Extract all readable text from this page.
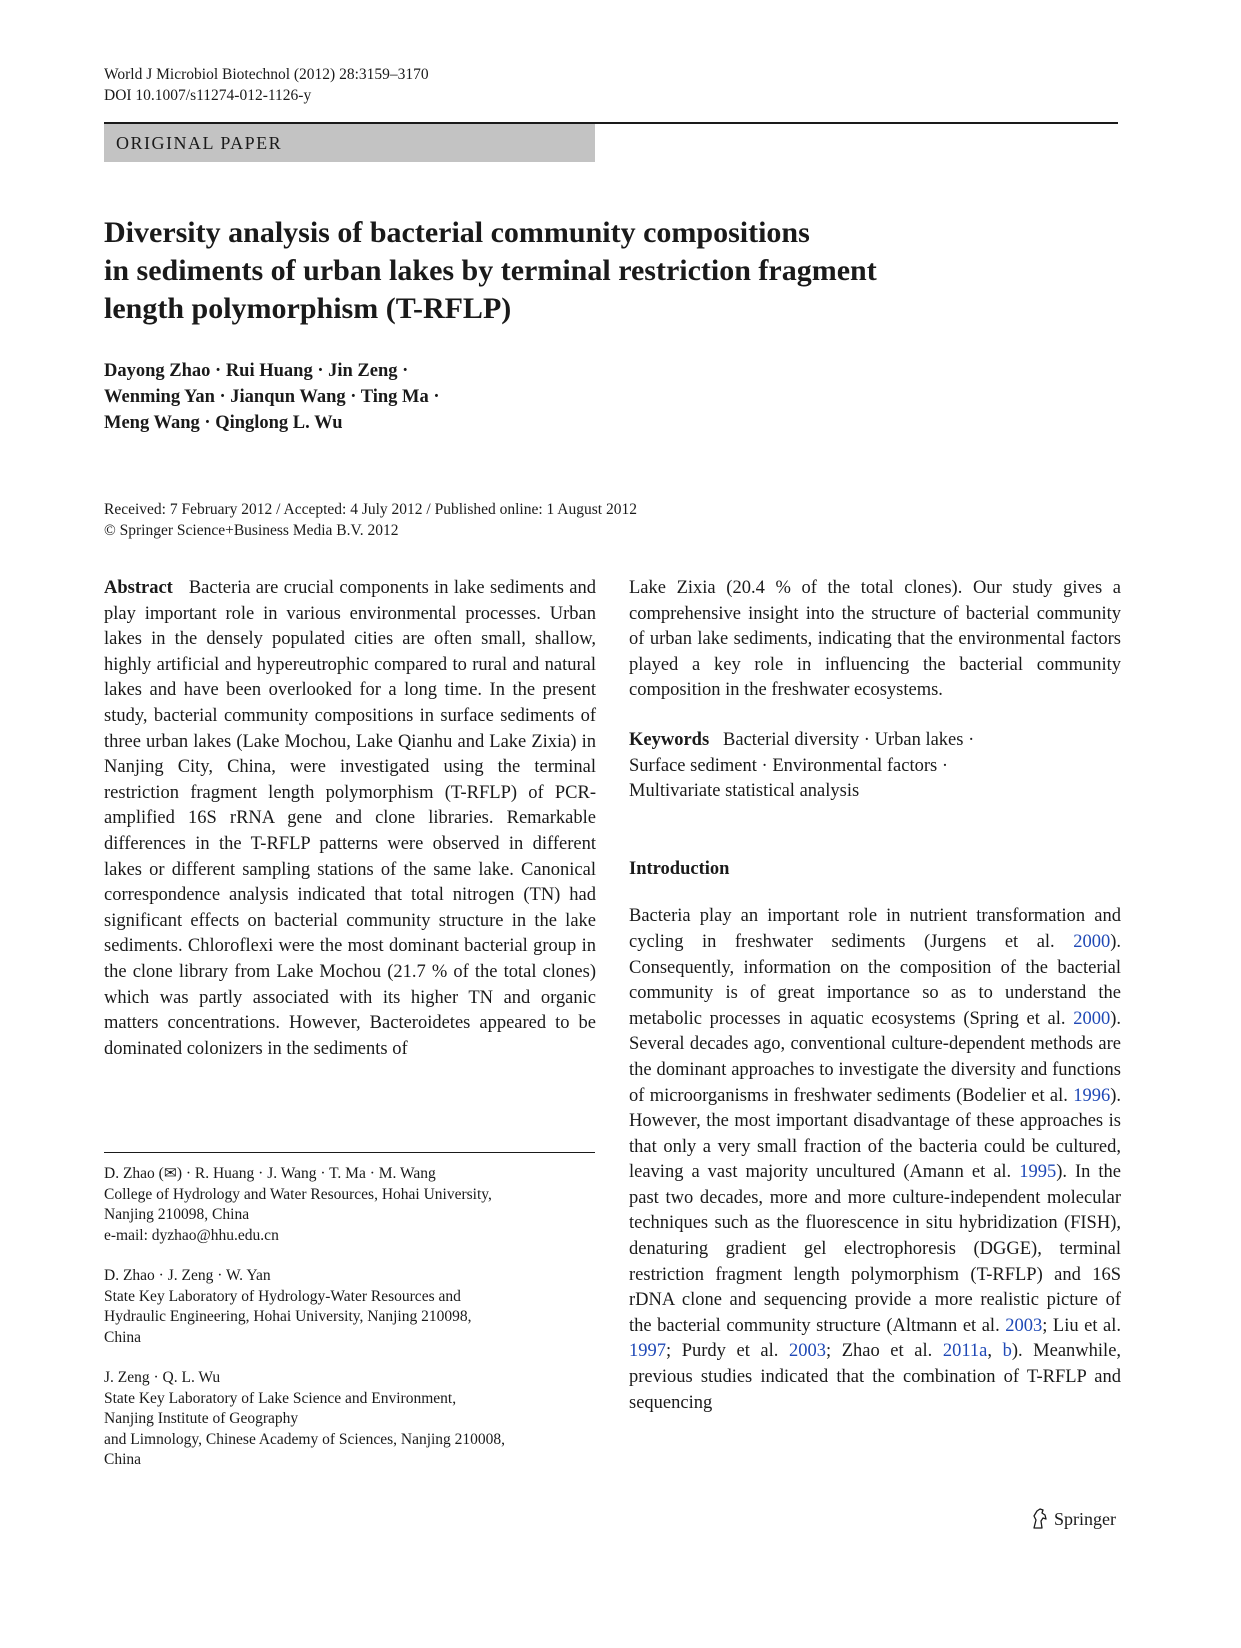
World J Microbiol Biotechnol (2012) 28:3159–3170
DOI 10.1007/s11274-012-1126-y
ORIGINAL PAPER
Diversity analysis of bacterial community compositions
in sediments of urban lakes by terminal restriction fragment
length polymorphism (T-RFLP)
Dayong Zhao · Rui Huang · Jin Zeng ·
Wenming Yan · Jianqun Wang · Ting Ma ·
Meng Wang · Qinglong L. Wu
Received: 7 February 2012 / Accepted: 4 July 2012 / Published online: 1 August 2012
© Springer Science+Business Media B.V. 2012

Abstract Bacteria are crucial components in lake sediments and play important role in various environmental processes. Urban lakes in the densely populated cities are often small, shallow, highly artificial and hypereutrophic compared to rural and natural lakes and have been overlooked for a long time. In the present study, bacterial community compositions in surface sediments of three urban lakes (Lake Mochou, Lake Qianhu and Lake Zixia) in Nanjing City, China, were investigated using the terminal restriction fragment length polymorphism (T-RFLP) of PCR-amplified 16S rRNA gene and clone libraries. Remarkable differences in the T-RFLP patterns were observed in different lakes or different sampling stations of the same lake. Canonical correspondence analysis indicated that total nitrogen (TN) had significant effects on bacterial community structure in the lake sediments. Chloroflexi were the most dominant bacterial group in the clone library from Lake Mochou (21.7 % of the total clones) which was partly associated with its higher TN and organic matters concentrations. However, Bacteroidetes appeared to be dominated colonizers in the sediments of

D. Zhao (✉) · R. Huang · J. Wang · T. Ma · M. Wang
College of Hydrology and Water Resources, Hohai University,
Nanjing 210098, China
e-mail: dyzhao@hhu.edu.cn
D. Zhao · J. Zeng · W. Yan
State Key Laboratory of Hydrology-Water Resources and
Hydraulic Engineering, Hohai University, Nanjing 210098,
China
J. Zeng · Q. L. Wu
State Key Laboratory of Lake Science and Environment,
Nanjing Institute of Geography
and Limnology, Chinese Academy of Sciences, Nanjing 210008,
China

Lake Zixia (20.4 % of the total clones). Our study gives a comprehensive insight into the structure of bacterial community of urban lake sediments, indicating that the environmental factors played a key role in influencing the bacterial community composition in the freshwater ecosystems.

Keywords Bacterial diversity · Urban lakes ·
Surface sediment · Environmental factors ·
Multivariate statistical analysis

Introduction

Bacteria play an important role in nutrient transformation and cycling in freshwater sediments (Jurgens et al. 2000). Consequently, information on the composition of the bacterial community is of great importance so as to understand the metabolic processes in aquatic ecosystems (Spring et al. 2000). Several decades ago, conventional culture-dependent methods are the dominant approaches to investigate the diversity and functions of microorganisms in freshwater sediments (Bodelier et al. 1996). However, the most important disadvantage of these approaches is that only a very small fraction of the bacteria could be cultured, leaving a vast majority uncultured (Amann et al. 1995). In the past two decades, more and more culture-independent molecular techniques such as the fluorescence in situ hybridization (FISH), denaturing gradient gel electrophoresis (DGGE), terminal restriction fragment length polymorphism (T-RFLP) and 16S rDNA clone and sequencing provide a more realistic picture of the bacterial community structure (Altmann et al. 2003; Liu et al. 1997; Purdy et al. 2003; Zhao et al. 2011a, b). Meanwhile, previous studies indicated that the combination of T-RFLP and sequencing

Springer
